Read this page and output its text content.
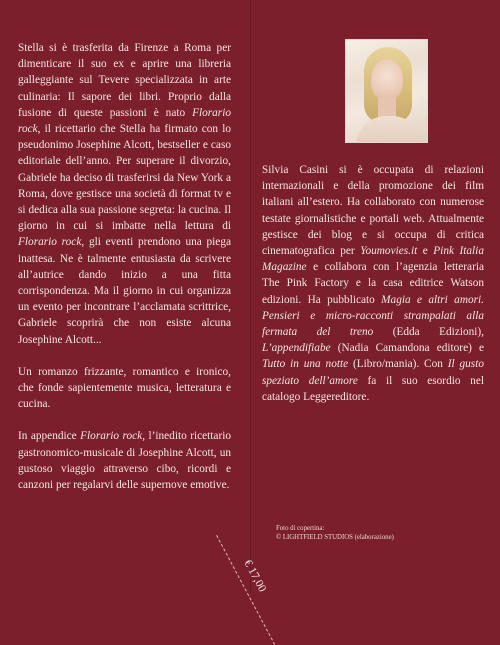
Stella si è trasferita da Firenze a Roma per dimenticare il suo ex e aprire una libreria galleggiante sul Tevere specializzata in arte culinaria: Il sapore dei libri. Proprio dalla fusione di queste passioni è nato Florario rock, il ricettario che Stella ha firmato con lo pseudonimo Josephine Alcott, bestseller e caso editoriale dell’anno. Per superare il divorzio, Gabriele ha deciso di trasferirsi da New York a Roma, dove gestisce una società di format tv e si dedica alla sua passione segreta: la cucina. Il giorno in cui si imbatte nella lettura di Florario rock, gli eventi prendono una piega inattesa. Ne è talmente entusiasta da scrivere all’autrice dando inizio a una fitta corrispondenza. Ma il giorno in cui organizza un evento per incontrare l’acclamata scrittrice, Gabriele scoprirà che non esiste alcuna Josephine Alcott...

Un romanzo frizzante, romantico e ironico, che fonde sapientemente musica, letteratura e cucina.

In appendice Florario rock, l’inedito ricettario gastronomico-musicale di Josephine Alcott, un gustoso viaggio attraverso cibo, ricordi e canzoni per regalarvi delle supernove emotive.

Silvia Casini si è occupata di relazioni internazionali e della promozione dei film italiani all’estero. Ha collaborato con numerose testate giornalistiche e portali web. Attualmente gestisce dei blog e si occupa di critica cinematografica per Youmovies.it e Pink Italia Magazine e collabora con l’agenzia letteraria The Pink Factory e la casa editrice Watson edizioni. Ha pubblicato Magia e altri amori. Pensieri e micro-racconti strampalati alla fermata del treno (Edda Edizioni), L’appendifiabe (Nadia Camandona editore) e Tutto in una notte (Libro/mania). Con Il gusto speziato dell’amore fa il suo esordio nel catalogo Leggereditore.

Foto di copertina:
© LIGHTFIELD STUDIOS (elaborazione)
€ 17,00
